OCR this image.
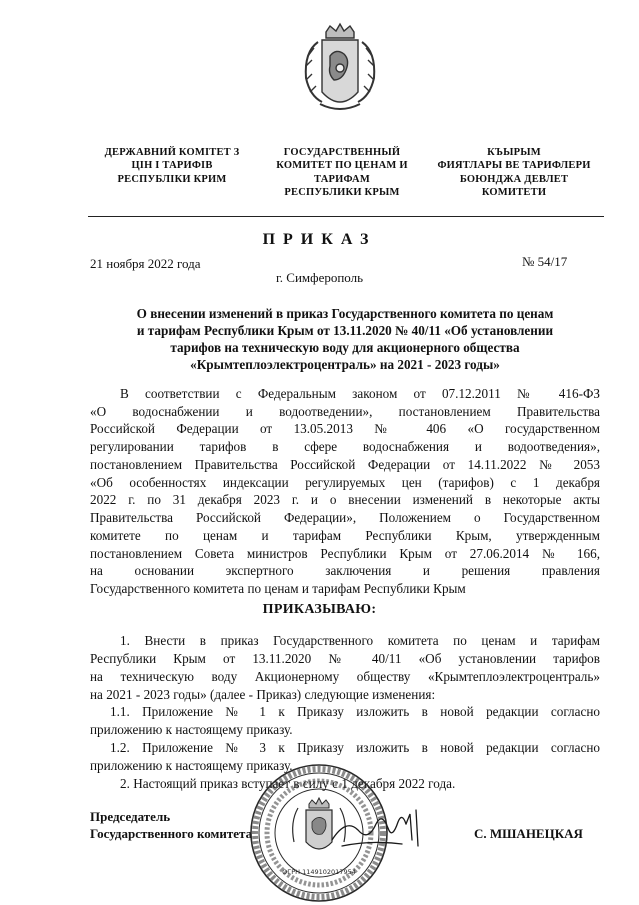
ДЕРЖАВНИЙ КОМІТЕТ З
ЦІН І ТАРИФІВ
РЕСПУБЛІКИ КРИМ
ГОСУДАРСТВЕННЫЙ
КОМИТЕТ ПО ЦЕНАМ И
ТАРИФАМ
РЕСПУБЛИКИ КРЫМ
КЪЫРЫМ
ФИЯТЛАРЫ ВЕ ТАРИФЛЕРИ
БОЮНДЖА ДЕВЛЕТ
КОМИТЕТИ
ПРИКАЗ
21 ноября 2022 года	№ 54/17
г. Симферополь
О внесении изменений в приказ Государственного комитета по ценам
и тарифам Республики Крым от 13.11.2020 № 40/11 «Об установлении
тарифов на техническую воду для акционерного общества
«Крымтеплоэлектроцентраль» на 2021 - 2023 годы»
В соответствии с Федеральным законом от 07.12.2011 № 416-ФЗ
«О водоснабжении и водоотведении», постановлением Правительства
Российской Федерации от 13.05.2013 № 406 «О государственном
регулировании тарифов в сфере водоснабжения и водоотведения»,
постановлением Правительства Российской Федерации от 14.11.2022 № 2053
«Об особенностях индексации регулируемых цен (тарифов) с 1 декабря
2022 г. по 31 декабря 2023 г. и о внесении изменений в некоторые акты
Правительства Российской Федерации», Положением о Государственном
комитете по ценам и тарифам Республики Крым, утвержденным
постановлением Совета министров Республики Крым от 27.06.2014 № 166,
на основании экспертного заключения и решения правления
Государственного комитета по ценам и тарифам Республики Крым
ПРИКАЗЫВАЮ:
1. Внести в приказ Государственного комитета по ценам и тарифам
Республики Крым от 13.11.2020 № 40/11 «Об установлении тарифов
на техническую воду Акционерному обществу «Крымтеплоэлектроцентраль»
на 2021 - 2023 годы» (далее - Приказ) следующие изменения:
1.1. Приложение № 1 к Приказу изложить в новой редакции согласно
приложению к настоящему приказу.
1.2. Приложение № 3 к Приказу изложить в новой редакции согласно
приложению к настоящему приказу.
2. Настоящий приказ вступает в силу с 1 декабря 2022 года.
Председатель
Государственного комитета	С. МШАНЕЦКАЯ
ОГРН 1149102017954
